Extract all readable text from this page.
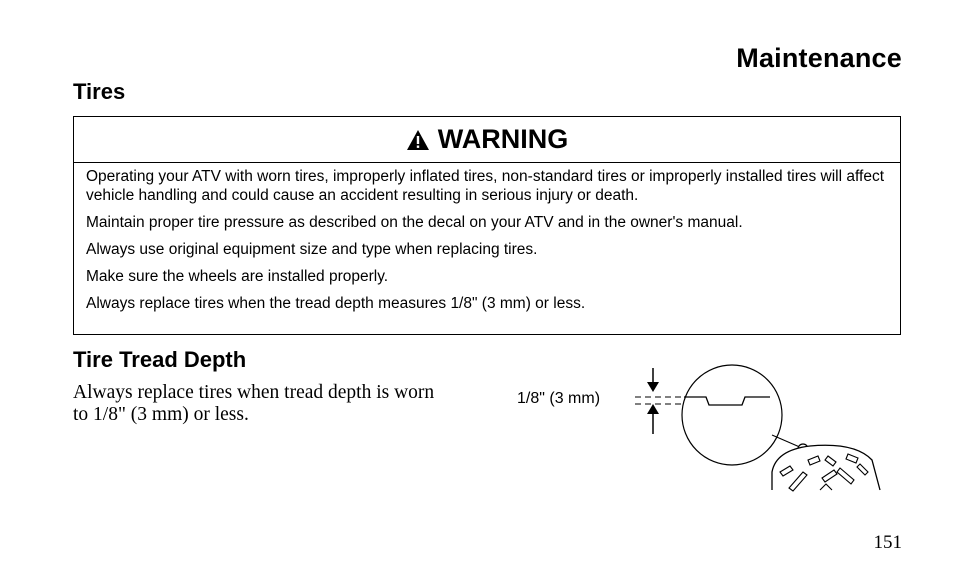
Maintenance
Tires
WARNING

Operating your ATV with worn tires, improperly inflated tires, non-standard tires or improperly installed tires will affect vehicle handling and could cause an accident resulting in serious injury or death.

Maintain proper tire pressure as described on the decal on your ATV and in the owner's manual.

Always use original equipment size and type when replacing tires.

Make sure the wheels are installed properly.

Always replace tires when the tread depth measures 1/8" (3 mm) or less.

Tire Tread Depth
Always replace tires when tread depth is worn to 1/8" (3 mm) or less.
1/8" (3 mm)
151
